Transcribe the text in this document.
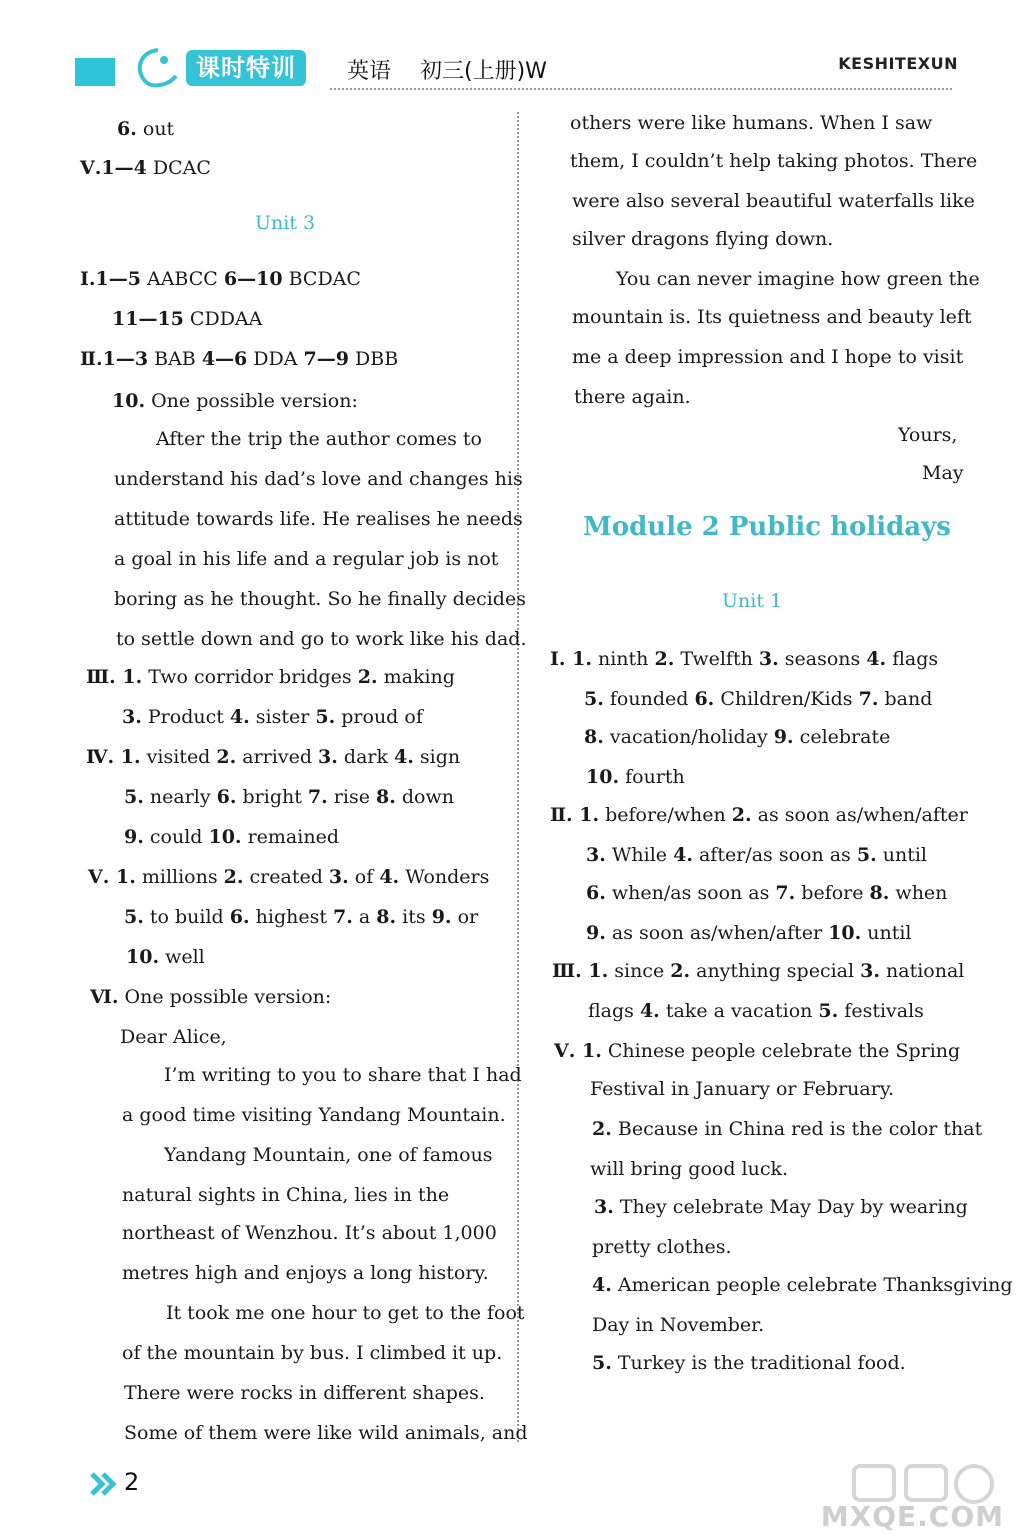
课时特训	英语 初三(上册)W	KESHITEXUN
6. out
Ⅴ.1—4 DCAC
Unit 3
Ⅰ.1—5 AABCC 6—10 BCDAC
11—15 CDDAA
Ⅱ.1—3 BAB 4—6 DDA 7—9 DBB
10. One possible version:
After the trip the author comes to
understand his dad’s love and changes his
attitude towards life. He realises he needs
a goal in his life and a regular job is not
boring as he thought. So he finally decides
to settle down and go to work like his dad.
Ⅲ. 1. Two corridor bridges 2. making
3. Product 4. sister 5. proud of
Ⅳ. 1. visited 2. arrived 3. dark 4. sign
5. nearly 6. bright 7. rise 8. down
9. could 10. remained
Ⅴ. 1. millions 2. created 3. of 4. Wonders
5. to build 6. highest 7. a 8. its 9. or
10. well
Ⅵ. One possible version:
Dear Alice,
I’m writing to you to share that I had
a good time visiting Yandang Mountain.
Yandang Mountain, one of famous
natural sights in China, lies in the
northeast of Wenzhou. It’s about 1,000
metres high and enjoys a long history.
It took me one hour to get to the foot
of the mountain by bus. I climbed it up.
There were rocks in different shapes.
Some of them were like wild animals, and
others were like humans. When I saw
them, I couldn’t help taking photos. There
were also several beautiful waterfalls like
silver dragons flying down.
You can never imagine how green the
mountain is. Its quietness and beauty left
me a deep impression and I hope to visit
there again.
Yours,
May
Module 2 Public holidays
Unit 1
Ⅰ. 1. ninth 2. Twelfth 3. seasons 4. flags
5. founded 6. Children/Kids 7. band
8. vacation/holiday 9. celebrate
10. fourth
Ⅱ. 1. before/when 2. as soon as/when/after
3. While 4. after/as soon as 5. until
6. when/as soon as 7. before 8. when
9. as soon as/when/after 10. until
Ⅲ. 1. since 2. anything special 3. national
flags 4. take a vacation 5. festivals
Ⅴ. 1. Chinese people celebrate the Spring
Festival in January or February.
2. Because in China red is the color that
will bring good luck.
3. They celebrate May Day by wearing
pretty clothes.
4. American people celebrate Thanksgiving
Day in November.
5. Turkey is the traditional food.
2
MXQE.COM
